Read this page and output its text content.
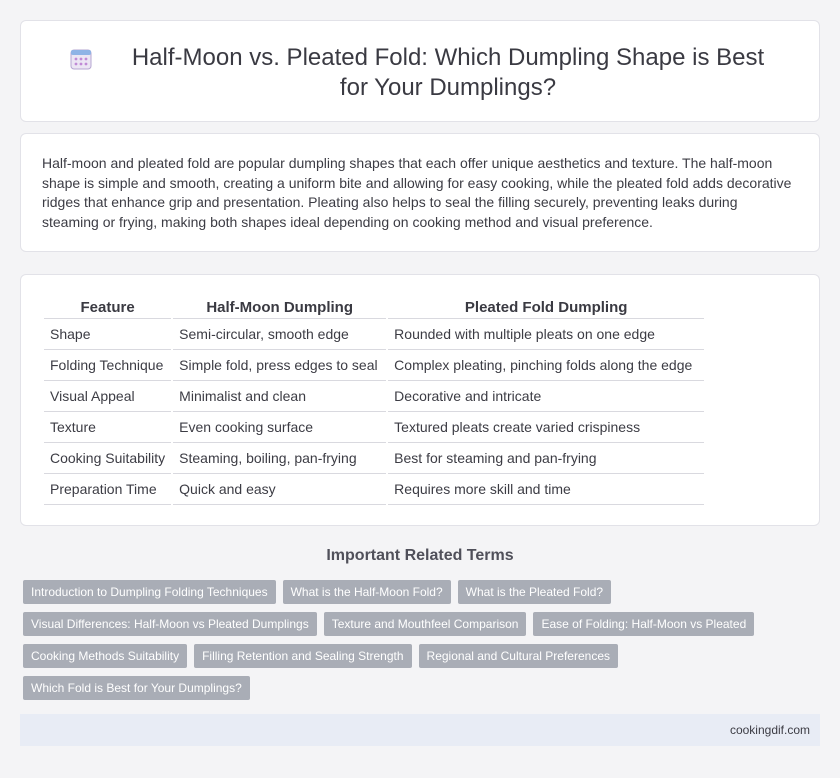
Half-Moon vs. Pleated Fold: Which Dumpling Shape is Best for Your Dumplings?

Half-moon and pleated fold are popular dumpling shapes that each offer unique aesthetics and texture. The half-moon shape is simple and smooth, creating a uniform bite and allowing for easy cooking, while the pleated fold adds decorative ridges that enhance grip and presentation. Pleating also helps to seal the filling securely, preventing leaks during steaming or frying, making both shapes ideal depending on cooking method and visual preference.

Feature	Half-Moon Dumpling	Pleated Fold Dumpling
Shape	Semi-circular, smooth edge	Rounded with multiple pleats on one edge
Folding Technique	Simple fold, press edges to seal	Complex pleating, pinching folds along the edge
Visual Appeal	Minimalist and clean	Decorative and intricate
Texture	Even cooking surface	Textured pleats create varied crispiness
Cooking Suitability	Steaming, boiling, pan-frying	Best for steaming and pan-frying
Preparation Time	Quick and easy	Requires more skill and time
Important Related Terms
Introduction to Dumpling Folding Techniques	What is the Half-Moon Fold?	What is the Pleated Fold?
Visual Differences: Half-Moon vs Pleated Dumplings	Texture and Mouthfeel Comparison	Ease of Folding: Half-Moon vs Pleated
Cooking Methods Suitability	Filling Retention and Sealing Strength	Regional and Cultural Preferences
Which Fold is Best for Your Dumplings?
cookingdif.com
